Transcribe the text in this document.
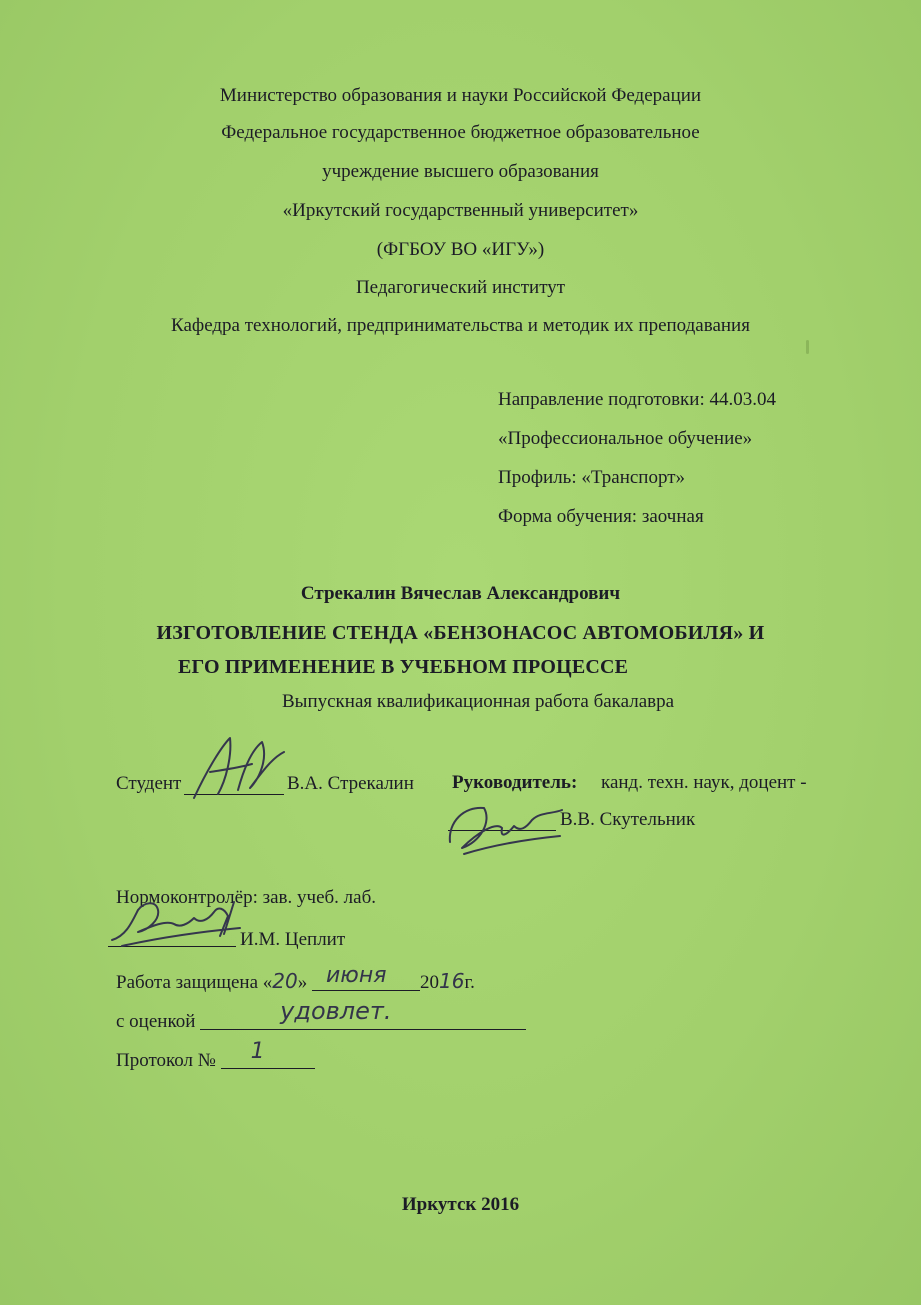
Министерство образования и науки Российской Федерации
Федеральное государственное бюджетное образовательное
учреждение высшего образования
«Иркутский государственный университет»
(ФГБОУ ВО «ИГУ»)
Педагогический институт
Кафедра технологий, предпринимательства и методик их преподавания
Направление подготовки: 44.03.04
«Профессиональное обучение»
Профиль: «Транспорт»
Форма обучения: заочная
Стрекалин Вячеслав Александрович
ИЗГОТОВЛЕНИЕ СТЕНДА «БЕНЗОНАСОС АВТОМОБИЛЯ» И
ЕГО ПРИМЕНЕНИЕ В УЧЕБНОМ ПРОЦЕССЕ
Выпускная квалификационная работа бакалавра
Студент	В.А. Стрекалин Руководитель: канд. техн. наук, доцент -
В.В. Скутельник
Нормоконтролёр: зав. учеб. лаб.
И.М. Цеплит
Работа защищена «20» июня 2016г.
с оценкой	удовлет.
Протокол № 1
Иркутск 2016
